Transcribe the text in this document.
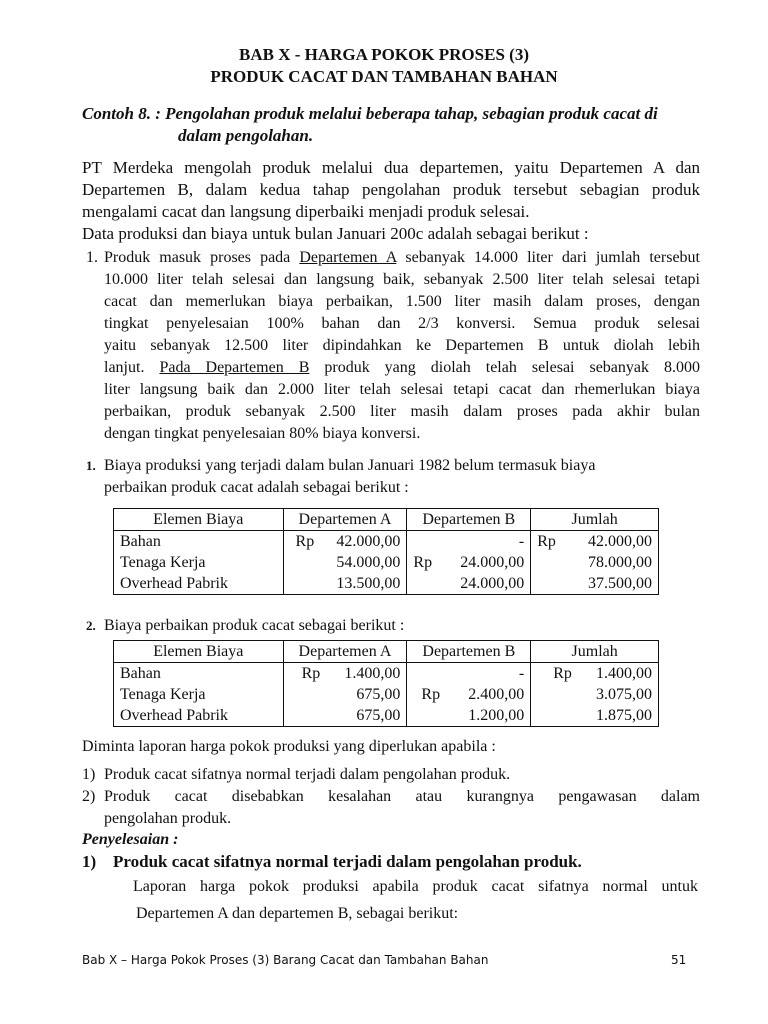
BAB X - HARGA POKOK PROSES (3)
PRODUK CACAT DAN TAMBAHAN BAHAN
Contoh 8. : Pengolahan produk melalui beberapa tahap, sebagian produk cacat di
dalam pengolahan.
PT Merdeka mengolah produk melalui dua departemen, yaitu Departemen A dan
Departemen B, dalam kedua tahap pengolahan produk tersebut sebagian produk
mengalami cacat dan langsung diperbaiki menjadi produk selesai.
Data produksi dan biaya untuk bulan Januari 200c adalah sebagai berikut :
1. Produk masuk proses pada Departemen A sebanyak 14.000 liter dari jumlah tersebut
10.000 liter telah selesai dan langsung baik, sebanyak 2.500 liter telah selesai tetapi
cacat dan memerlukan biaya perbaikan, 1.500 liter masih dalam proses, dengan
tingkat penyelesaian 100% bahan dan 2/3 konversi. Semua produk selesai
yaitu sebanyak 12.500 liter dipindahkan ke Departemen B untuk diolah lebih
lanjut. Pada Departemen B produk yang diolah telah selesai sebanyak 8.000
liter langsung baik dan 2.000 liter telah selesai tetapi cacat dan rhemerlukan biaya
perbaikan, produk sebanyak 2.500 liter masih dalam proses pada akhir bulan
dengan tingkat penyelesaian 80% biaya konversi.
1. Biaya produksi yang terjadi dalam bulan Januari 1982 belum termasuk biaya
perbaikan produk cacat adalah sebagai berikut :
Elemen Biaya	Departemen A	Departemen B	Jumlah
Bahan	Rp 42.000,00	-	Rp 42.000,00
Tenaga Kerja	54.000,00	Rp 24.000,00	78.000,00
Overhead Pabrik	13.500,00	24.000,00	37.500,00
2. Biaya perbaikan produk cacat sebagai berikut :
Elemen Biaya	Departemen A	Departemen B	Jumlah
Bahan	Rp 1.400,00	-	Rp 1.400,00
Tenaga Kerja	675,00	Rp 2.400,00	3.075,00
Overhead Pabrik	675,00	1.200,00	1.875,00
Diminta laporan harga pokok produksi yang diperlukan apabila :
1) Produk cacat sifatnya normal terjadi dalam pengolahan produk.
2) Produk cacat disebabkan kesalahan atau kurangnya pengawasan dalam
pengolahan produk.
Penyelesaian :
1) Produk cacat sifatnya normal terjadi dalam pengolahan produk.
Laporan harga pokok produksi apabila produk cacat sifatnya normal untuk
Departemen A dan departemen B, sebagai berikut:
Bab X – Harga Pokok Proses (3) Barang Cacat dan Tambahan Bahan	51
